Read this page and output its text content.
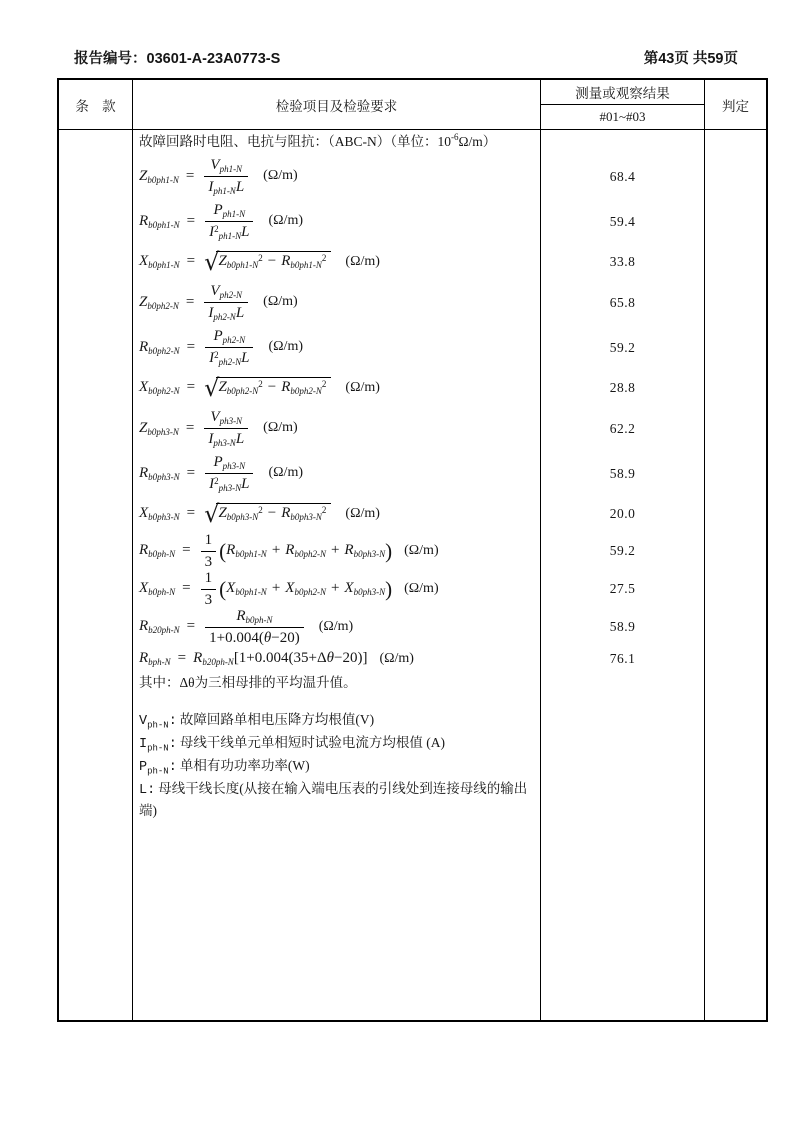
报告编号：03601-A-23A0773-S	第43页 共59页
条 款	检验项目及检验要求
测量或观察结果
#01~#03
判定
故障回路时电阻、电抗与阻抗：（ABC-N）（单位：$10^{-6}$ Ω/m）
$Z_{b0ph1-N}$ =
$V_{ph1-N}$
$I_{ph1-N}$ L
(Ω/m)
$R_{b0ph1-N}$ =
$P_{ph1-N}$
I 2
$_{ph1-N}$ L
(Ω/m)
$X_{b0ph1-N}$ = √ $Z_{b0ph1-N}$
$^2 - R_{b0ph1-N}$
$^2$ (Ω/m)
$Z_{b0ph2-N}$ =
$V_{ph2-N}$
$I_{ph2-N}$ L
(Ω/m)
$R_{b0ph2-N}$ =
$P_{ph2-N}$
I 2
$_{ph2-N}$ L
(Ω/m)
$X_{b0ph2-N}$ = √ $Z_{b0ph2-N}$
$^2 - R_{b0ph2-N}$
$^2$ (Ω/m)
$Z_{b0ph3-N}$ =
$V_{ph3-N}$
$I_{ph3-N}$ L
(Ω/m)
$R_{b0ph3-N}$ =
$P_{ph3-N}$
I 2
$_{ph3-N}$ L
(Ω/m)
$X_{b0ph3-N}$ = √ $Z_{b0ph3-N}$
$^2 - R_{b0ph3-N}$
$^2$ (Ω/m)
$R_{b0ph-N} = \frac{1}{3}$ ( $R_{b0ph1-N} + R_{b0ph2-N} + R_{b0ph3-N}$ ) (Ω/m)
$X_{b0ph-N} = \frac{1}{3}$ ( $X_{b0ph1-N} + X_{b0ph2-N} + X_{b0ph3-N}$ ) (Ω/m)
$R_{b20ph-N} = \frac{R_{b0ph-N}}{1+0.004( \theta -20)} (\Omega/m)$
$R_{bph-N} = R_{b20ph-N}$ [1+0.004(35+Δ θ −20)] (Ω/m)
其中：Δθ为三相母排的平均温升值。
$V_{ph-N}$: 故障回路单相电压降方均根值(V)
$I_{ph-N}$: 母线干线单元单相短时试验电流方均根值 (A)
$P_{ph-N}$: 单相有功功率功率(W)
L: 母线干线长度(从接在输入端电压表的引线处到连接母线的输出端)
68.4
59.4
33.8
65.8
59.2
28.8
62.2
58.9
20.0
59.2
27.5
58.9
76.1
